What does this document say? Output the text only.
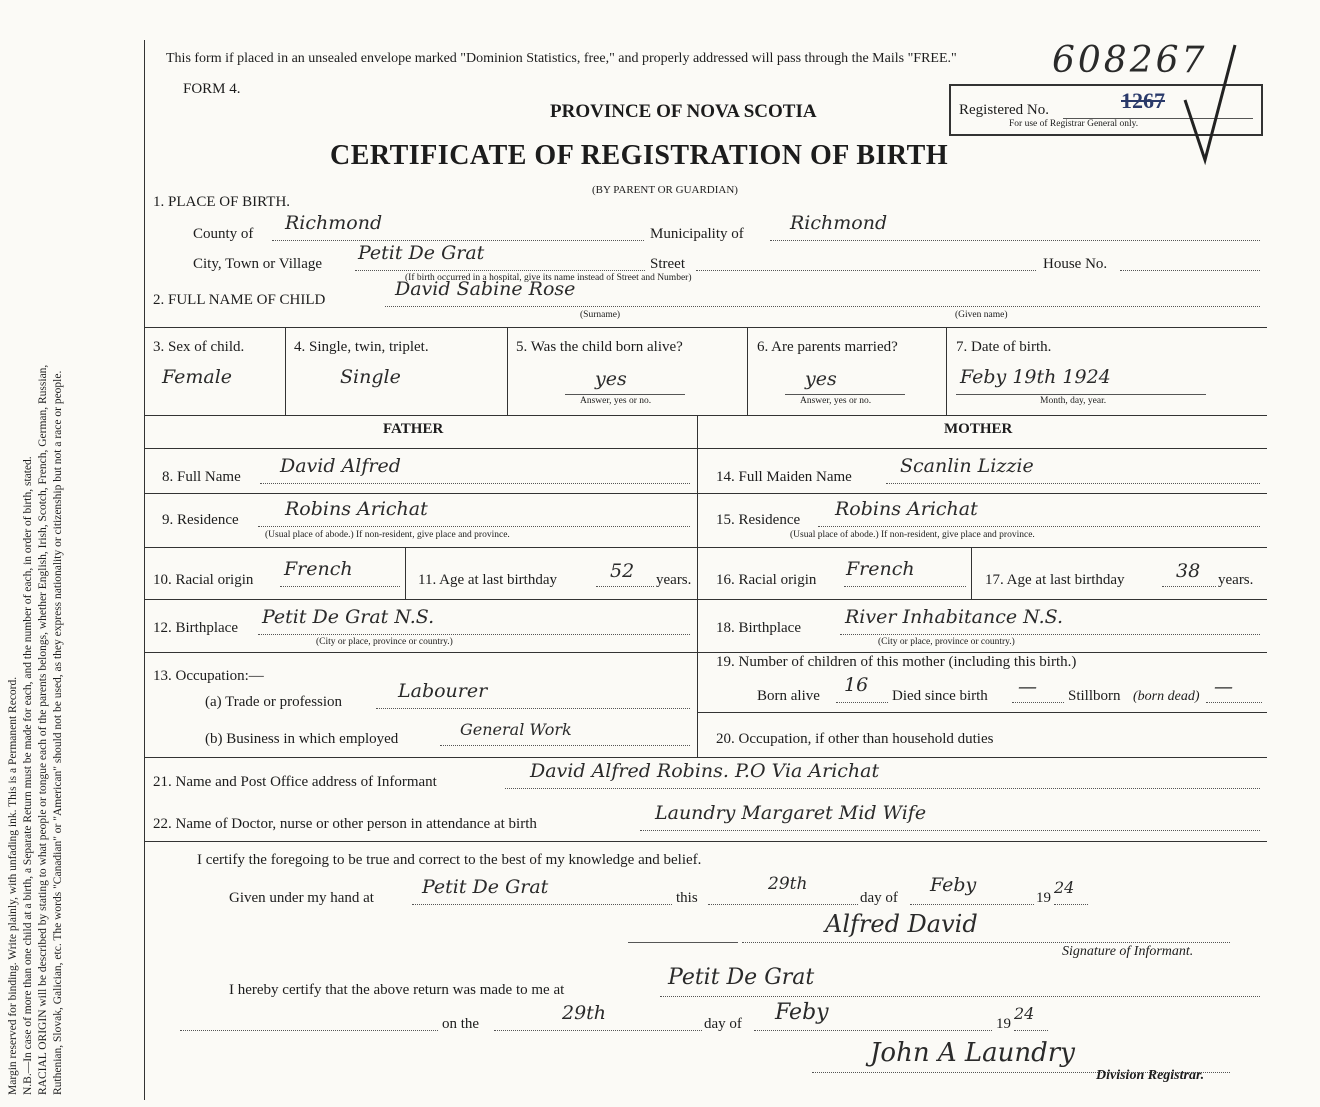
Margin reserved for binding. Write plainly, with unfading ink. This is a Permanent Record. N.B.—In case of more than one child at a birth, a Separate Return must be made for each, and the number of each, in order of birth, stated. RACIAL ORIGIN will be described by stating to what people or tongue each of the parents belongs, whether English, Irish, Scotch, French, German, Russian, Ruthenian, Slovak, Galician, etc. The words "Canadian" or "American" should not be used, as they express nationality or citizenship but not a race or people.
This form if placed in an unsealed envelope marked "Dominion Statistics, free," and properly addressed will pass through the Mails "FREE."
FORM 4.
PROVINCE OF NOVA SCOTIA
CERTIFICATE OF REGISTRATION OF BIRTH
(BY PARENT OR GUARDIAN)
608267
Registered No.	1267
For use of Registrar General only.
1. PLACE OF BIRTH.
County of Richmond	Municipality of Richmond
City, Town or Village Petit De Grat	Street	House No.
(If birth occurred in a hospital, give its name instead of Street and Number)
2. FULL NAME OF CHILD	David Sabine Rose
(Surname)	(Given name)
3. Sex of child.
Female
4. Single, twin, triplet.
Single
5. Was the child born alive?
yes
Answer, yes or no.
6. Are parents married?
yes
Answer, yes or no.
7. Date of birth.
Feby 19th 1924
Month, day, year.
FATHER	MOTHER
8. Full Name David Alfred
9. Residence Robins Arichat
(Usual place of abode.) If non-resident, give place and province.
10. Racial origin French	11. Age at last birthday	52 years.
12. Birthplace Petit De Grat N.S.
(City or place, province or country.)
13. Occupation:—
(a) Trade or profession	Labourer
(b) Business in which employed	General Work
14. Full Maiden Name	Scanlin Lizzie
15. Residence Robins Arichat
(Usual place of abode.) If non-resident, give place and province.
16. Racial origin French	17. Age at last birthday	38 years.
18. Birthplace River Inhabitance N.S.
(City or place, province or country.)
19. Number of children of this mother (including this birth.)
Born alive 16 Died since birth — Stillborn (born dead) —
20. Occupation, if other than household duties
21. Name and Post Office address of Informant	David Alfred Robins. P.O Via Arichat
22. Name of Doctor, nurse or other person in attendance at birth	Laundry Margaret Mid Wife
I certify the foregoing to be true and correct to the best of my knowledge and belief.
Given under my hand at	Petit De Grat	this
29th
day of
Feby
19
24
Alfred David
Signature of Informant.
I hereby certify that the above return was made to me at	Petit De Grat
on the	29th	day of Feby	19
24
John A Laundry
Division Registrar.
